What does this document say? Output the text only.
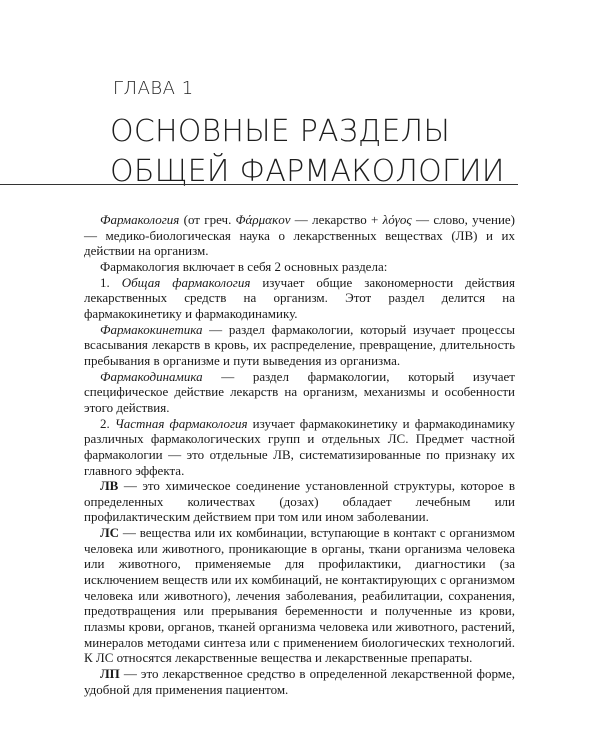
ГЛАВА 1
ОСНОВНЫЕ РАЗДЕЛЫ
ОБЩЕЙ ФАРМАКОЛОГИИ

Фармакология (от греч. Φάρμακον — лекарство + λόγος — слово, учение) — медико-биологическая наука о лекарственных веществах (ЛВ) и их действии на организм.

Фармакология включает в себя 2 основных раздела:

1. Общая фармакология изучает общие закономерности действия лекарственных средств на организм. Этот раздел делится на фармакокинетику и фармакодинамику.

Фармакокинетика — раздел фармакологии, который изучает процессы всасывания лекарств в кровь, их распределение, превращение, длительность пребывания в организме и пути выведения из организма.

Фармакодинамика — раздел фармакологии, который изучает специфическое действие лекарств на организм, механизмы и особенности этого действия.

2. Частная фармакология изучает фармакокинетику и фармакодинамику различных фармакологических групп и отдельных ЛС. Предмет частной фармакологии — это отдельные ЛВ, систематизированные по признаку их главного эффекта.

ЛВ — это химическое соединение установленной структуры, которое в определенных количествах (дозах) обладает лечебным или профилактическим действием при том или ином заболевании.

ЛС — вещества или их комбинации, вступающие в контакт с организмом человека или животного, проникающие в органы, ткани организма человека или животного, применяемые для профилактики, диагностики (за исключением веществ или их комбинаций, не контактирующих с организмом человека или животного), лечения заболевания, реабилитации, сохранения, предотвращения или прерывания беременности и полученные из крови, плазмы крови, органов, тканей организма человека или животного, растений, минералов методами синтеза или с применением биологических технологий. К ЛС относятся лекарственные вещества и лекарственные препараты.

ЛП — это лекарственное средство в определенной лекарственной форме, удобной для применения пациентом.
